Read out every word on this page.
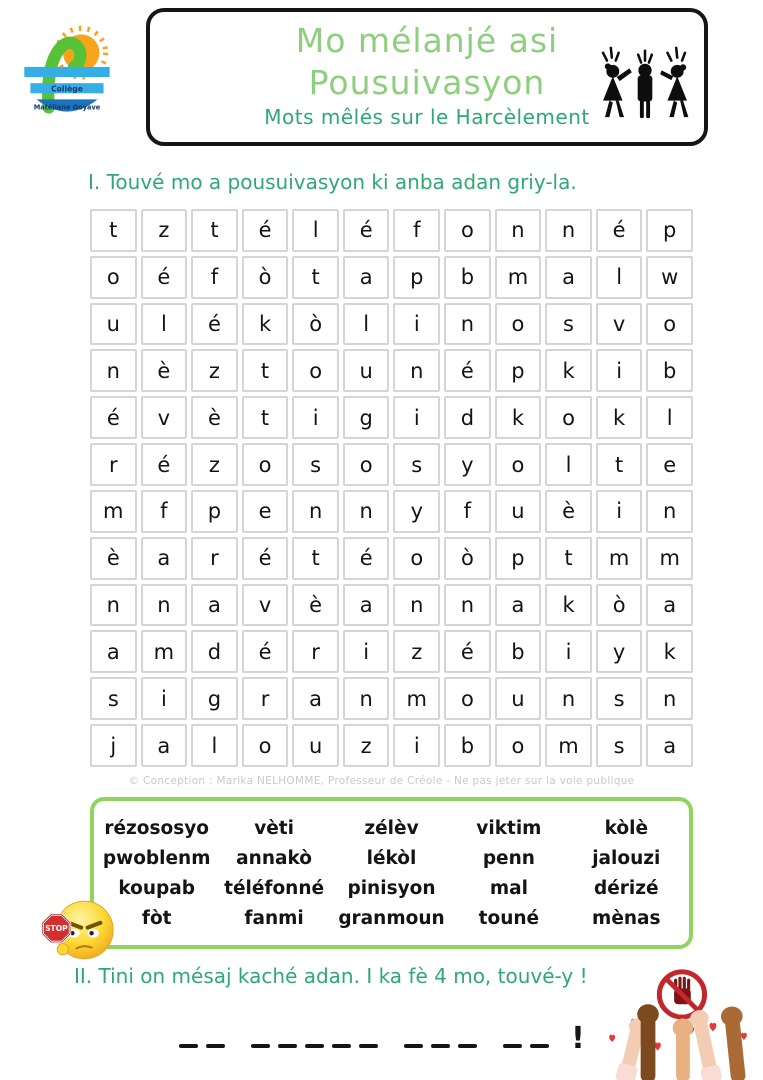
Collège
Matéliane Goyave
Mo mélanjé asi
Pousuivasyon
Mots mêlés sur le Harcèlement
I. Touvé mo a pousuivasyon ki anba adan griy-la.
t	z	t	é	l	é	f	o	n	n	é	p
o	é	f	ò	t	a	p	b	m	a	l	w
u	l	é	k	ò	l	i	n	o	s	v	o
n	è	z	t	o	u	n	é	p	k	i	b
é	v	è	t	i	g	i	d	k	o	k	l
r	é	z	o	s	o	s	y	o	l	t	e
m	f	p	e	n	n	y	f	u	è	i	n
è	a	r	é	t	é	o	ò	p	t	m	m
n	n	a	v	è	a	n	n	a	k	ò	a
a	m	d	é	r	i	z	é	b	i	y	k
s	i	g	r	a	n	m	o	u	n	s	n
j	a	l	o	u	z	i	b	o	m	s	a
© Conception : Marika NELHOMME, Professeur de Créole - Ne pas jeter sur la voie publique
rézososyo	vèti	zélèv	viktim	kòlè
pwoblenm	annakò	lékòl	penn	jalouzi
koupab	téléfonné	pinisyon	mal	dérizé
fòt	fanmi	granmoun	touné	mènas
STOP
II. Tini on mésaj kaché adan. I ka fè 4 mo, touvé-y !
!
